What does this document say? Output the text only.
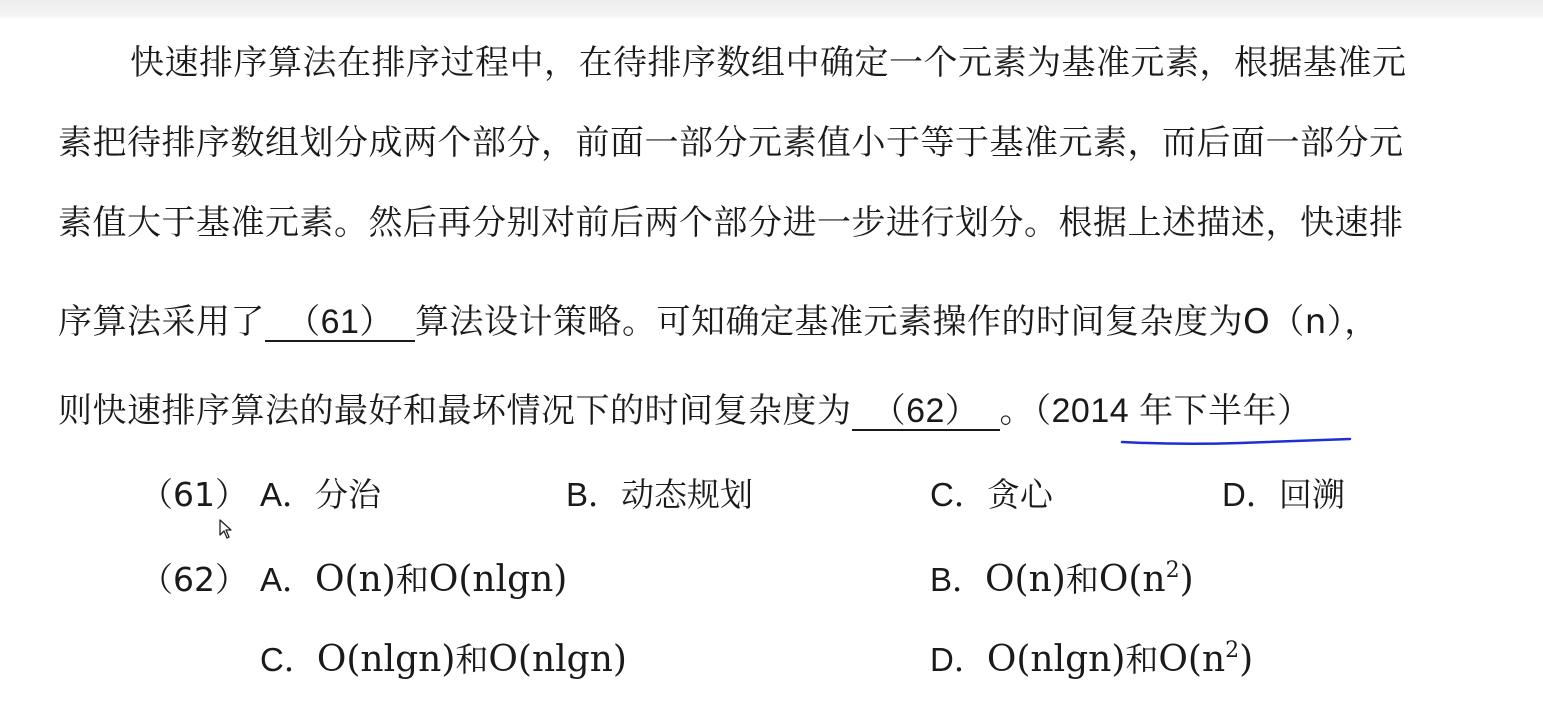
快速排序算法在排序过程中，在待排序数组中确定一个元素为基准元素，根据基准元
素把待排序数组划分成两个部分，前面一部分元素值小于等于基准元素，而后面一部分元
素值大于基准元素。然后再分别对前后两个部分进一步进行划分。根据上述描述，快速排
序算法采用了 （61） 算法设计策略。可知确定基准元素操作的时间复杂度为O（n），
则快速排序算法的最好和最坏情况下的时间复杂度为 （62） 。（2014 年下半年）
（61） A．分治	B．动态规划	C．贪心	D．回溯
（62） A．O(n)和O(nlgn)	B．O(n)和$O(n^2)$
C．O(nlgn)和O(nlgn)	D．O(nlgn)和$O(n^2)$
